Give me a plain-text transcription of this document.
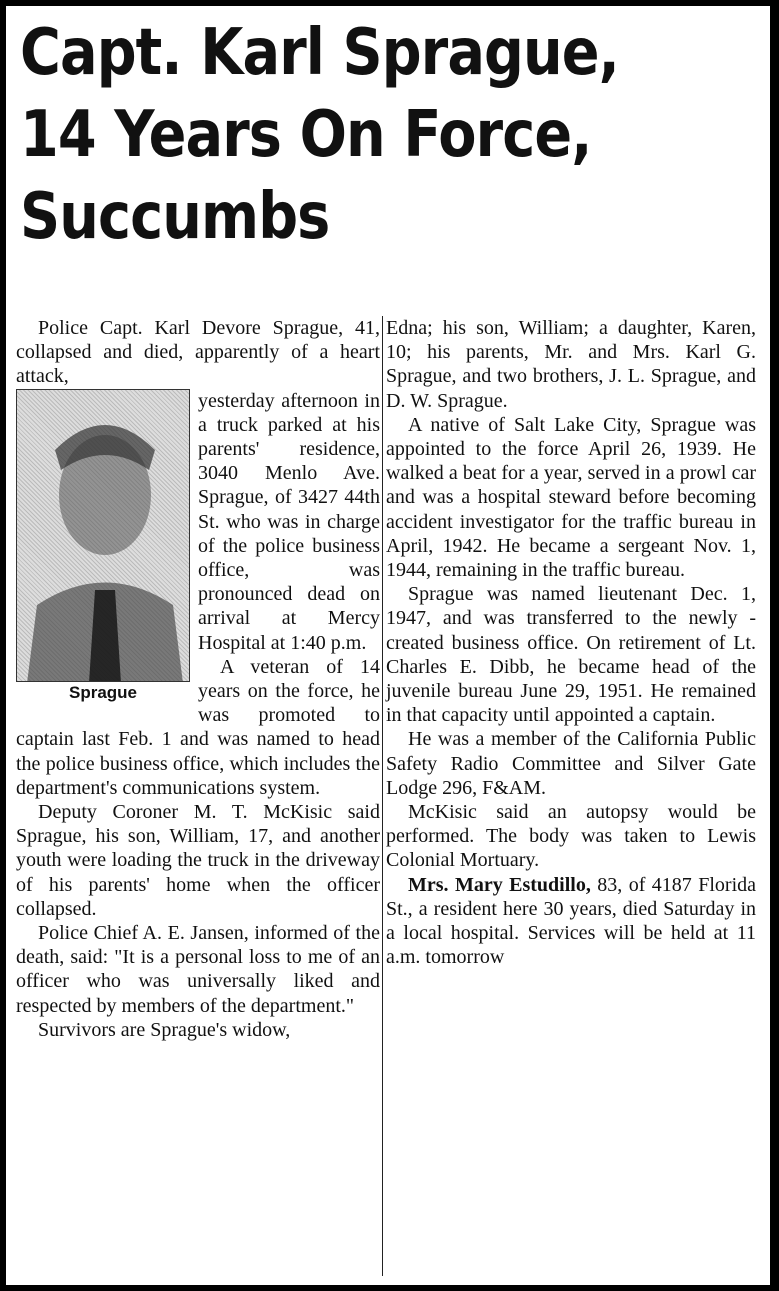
Capt. Karl Sprague,
14 Years On Force,
Succumbs

Police Capt. Karl Devore Sprague, 41, collapsed and died, apparently of a heart attack,

Sprague

yesterday afternoon in a truck parked at his parents' residence, 3040 Menlo Ave. Sprague, of 3427 44th St. who was in charge of the police business office, was pronounced dead on arrival at Mercy Hospital at 1:40 p.m.

A veteran of 14 years on the force, he was promoted to captain last Feb. 1 and was named to head the police business office, which includes the department's communications system.

Deputy Coroner M. T. McKisic said Sprague, his son, William, 17, and another youth were loading the truck in the driveway of his parents' home when the officer collapsed.

Police Chief A. E. Jansen, informed of the death, said: "It is a personal loss to me of an officer who was universally liked and respected by members of the department."

Survivors are Sprague's widow,

Edna; his son, William; a daughter, Karen, 10; his parents, Mr. and Mrs. Karl G. Sprague, and two brothers, J. L. Sprague, and D. W. Sprague.

A native of Salt Lake City, Sprague was appointed to the force April 26, 1939. He walked a beat for a year, served in a prowl car and was a hospital steward before becoming accident investigator for the traffic bureau in April, 1942. He became a sergeant Nov. 1, 1944, remaining in the traffic bureau.

Sprague was named lieutenant Dec. 1, 1947, and was transferred to the newly - created business office. On retirement of Lt. Charles E. Dibb, he became head of the juvenile bureau June 29, 1951. He remained in that capacity until appointed a captain.

He was a member of the California Public Safety Radio Committee and Silver Gate Lodge 296, F&AM.

McKisic said an autopsy would be performed. The body was taken to Lewis Colonial Mortuary.

Mrs. Mary Estudillo, 83, of 4187 Florida St., a resident here 30 years, died Saturday in a local hospital. Services will be held at 11 a.m. tomorrow
